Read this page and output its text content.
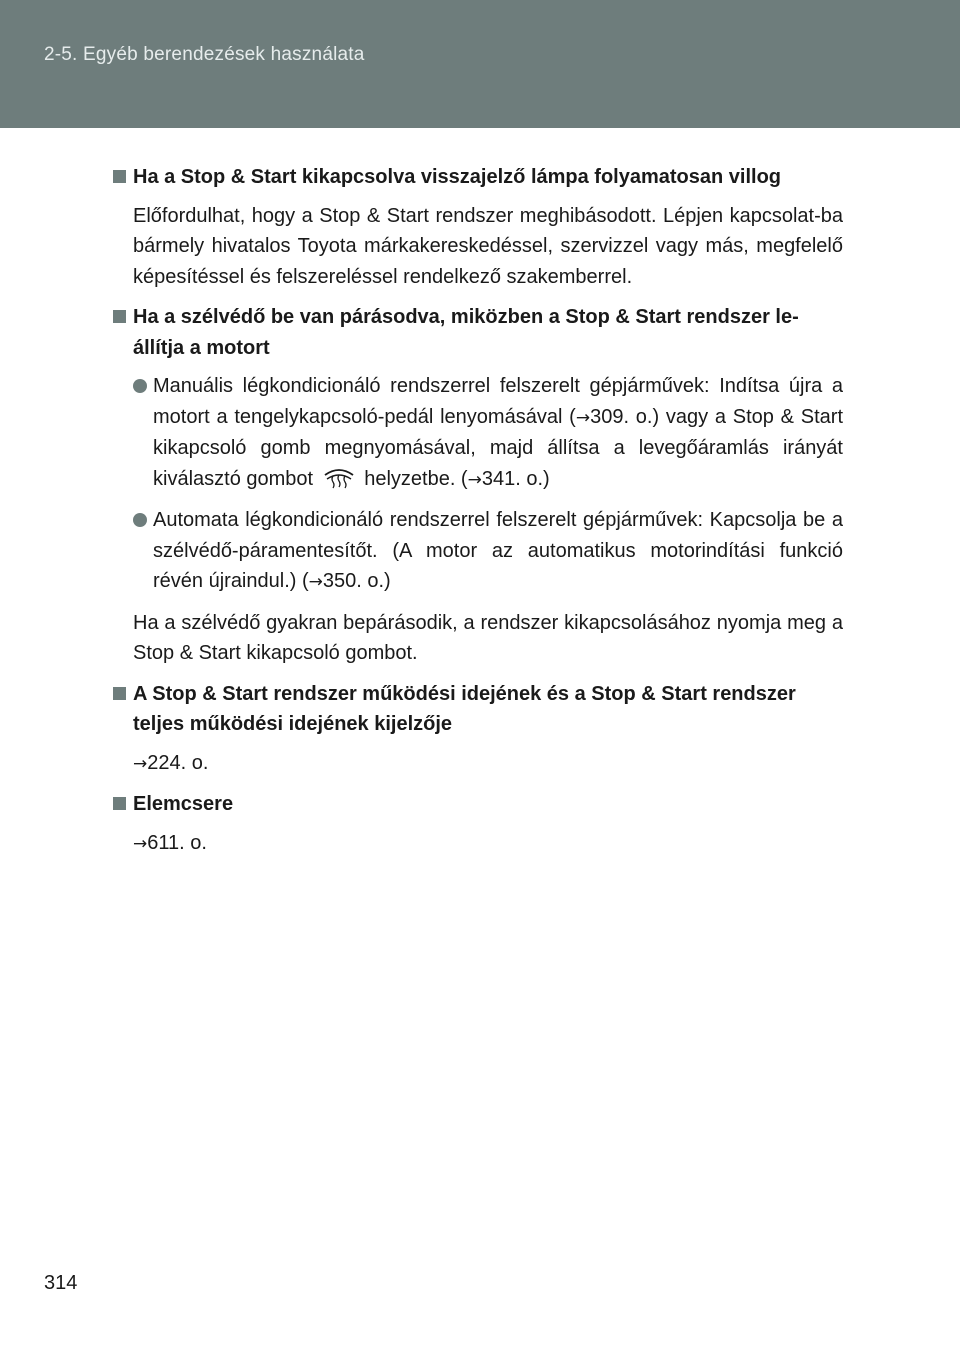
2-5. Egyéb berendezések használata
Ha a Stop & Start kikapcsolva visszajelző lámpa folyamatosan villog
Előfordulhat, hogy a Stop & Start rendszer meghibásodott. Lépjen kapcsolat-ba bármely hivatalos Toyota márkakereskedéssel, szervizzel vagy más, megfelelő képesítéssel és felszereléssel rendelkező szakemberrel.
Ha a szélvédő be van párásodva, miközben a Stop & Start rendszer le-állítja a motort
Manuális légkondicionáló rendszerrel felszerelt gépjárművek: Indítsa újra a motort a tengelykapcsoló-pedál lenyomásával (→309. o.) vagy a Stop & Start kikapcsoló gomb megnyomásával, majd állítsa a levegőáramlás irányát kiválasztó gombot	helyzetbe. (→341. o.)
Automata légkondicionáló rendszerrel felszerelt gépjárművek: Kapcsolja be a szélvédő-páramentesítőt. (A motor az automatikus motorindítási funkció révén újraindul.) (→350. o.)
Ha a szélvédő gyakran bepárásodik, a rendszer kikapcsolásához nyomja meg a Stop & Start kikapcsoló gombot.
A Stop & Start rendszer működési idejének és a Stop & Start rendszer teljes működési idejének kijelzője
→224. o.
Elemcsere
→611. o.
314
